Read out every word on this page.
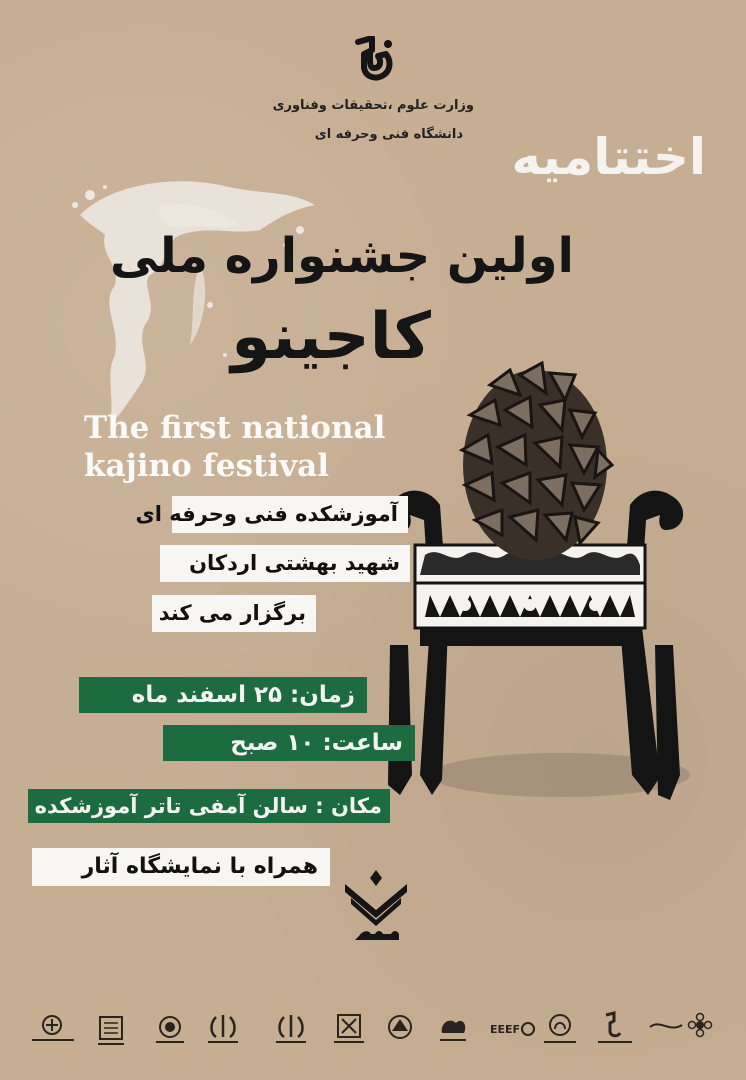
وزارت علوم ،تحقیقات وفناوری
دانشگاه فنی وحرفه ای اختتامیه
اولین جشنواره ملی
کاجینو
The first national
kajino festival
آموزشکده فنی وحرفه ای
شهید بهشتی اردکان
برگزار می کند
زمان: ۲۵ اسفند ماه
ساعت: ۱۰ صبح
مکان : سالن آمفی تاتر آموزشکده
همراه با نمایشگاه آثار
EEEF
